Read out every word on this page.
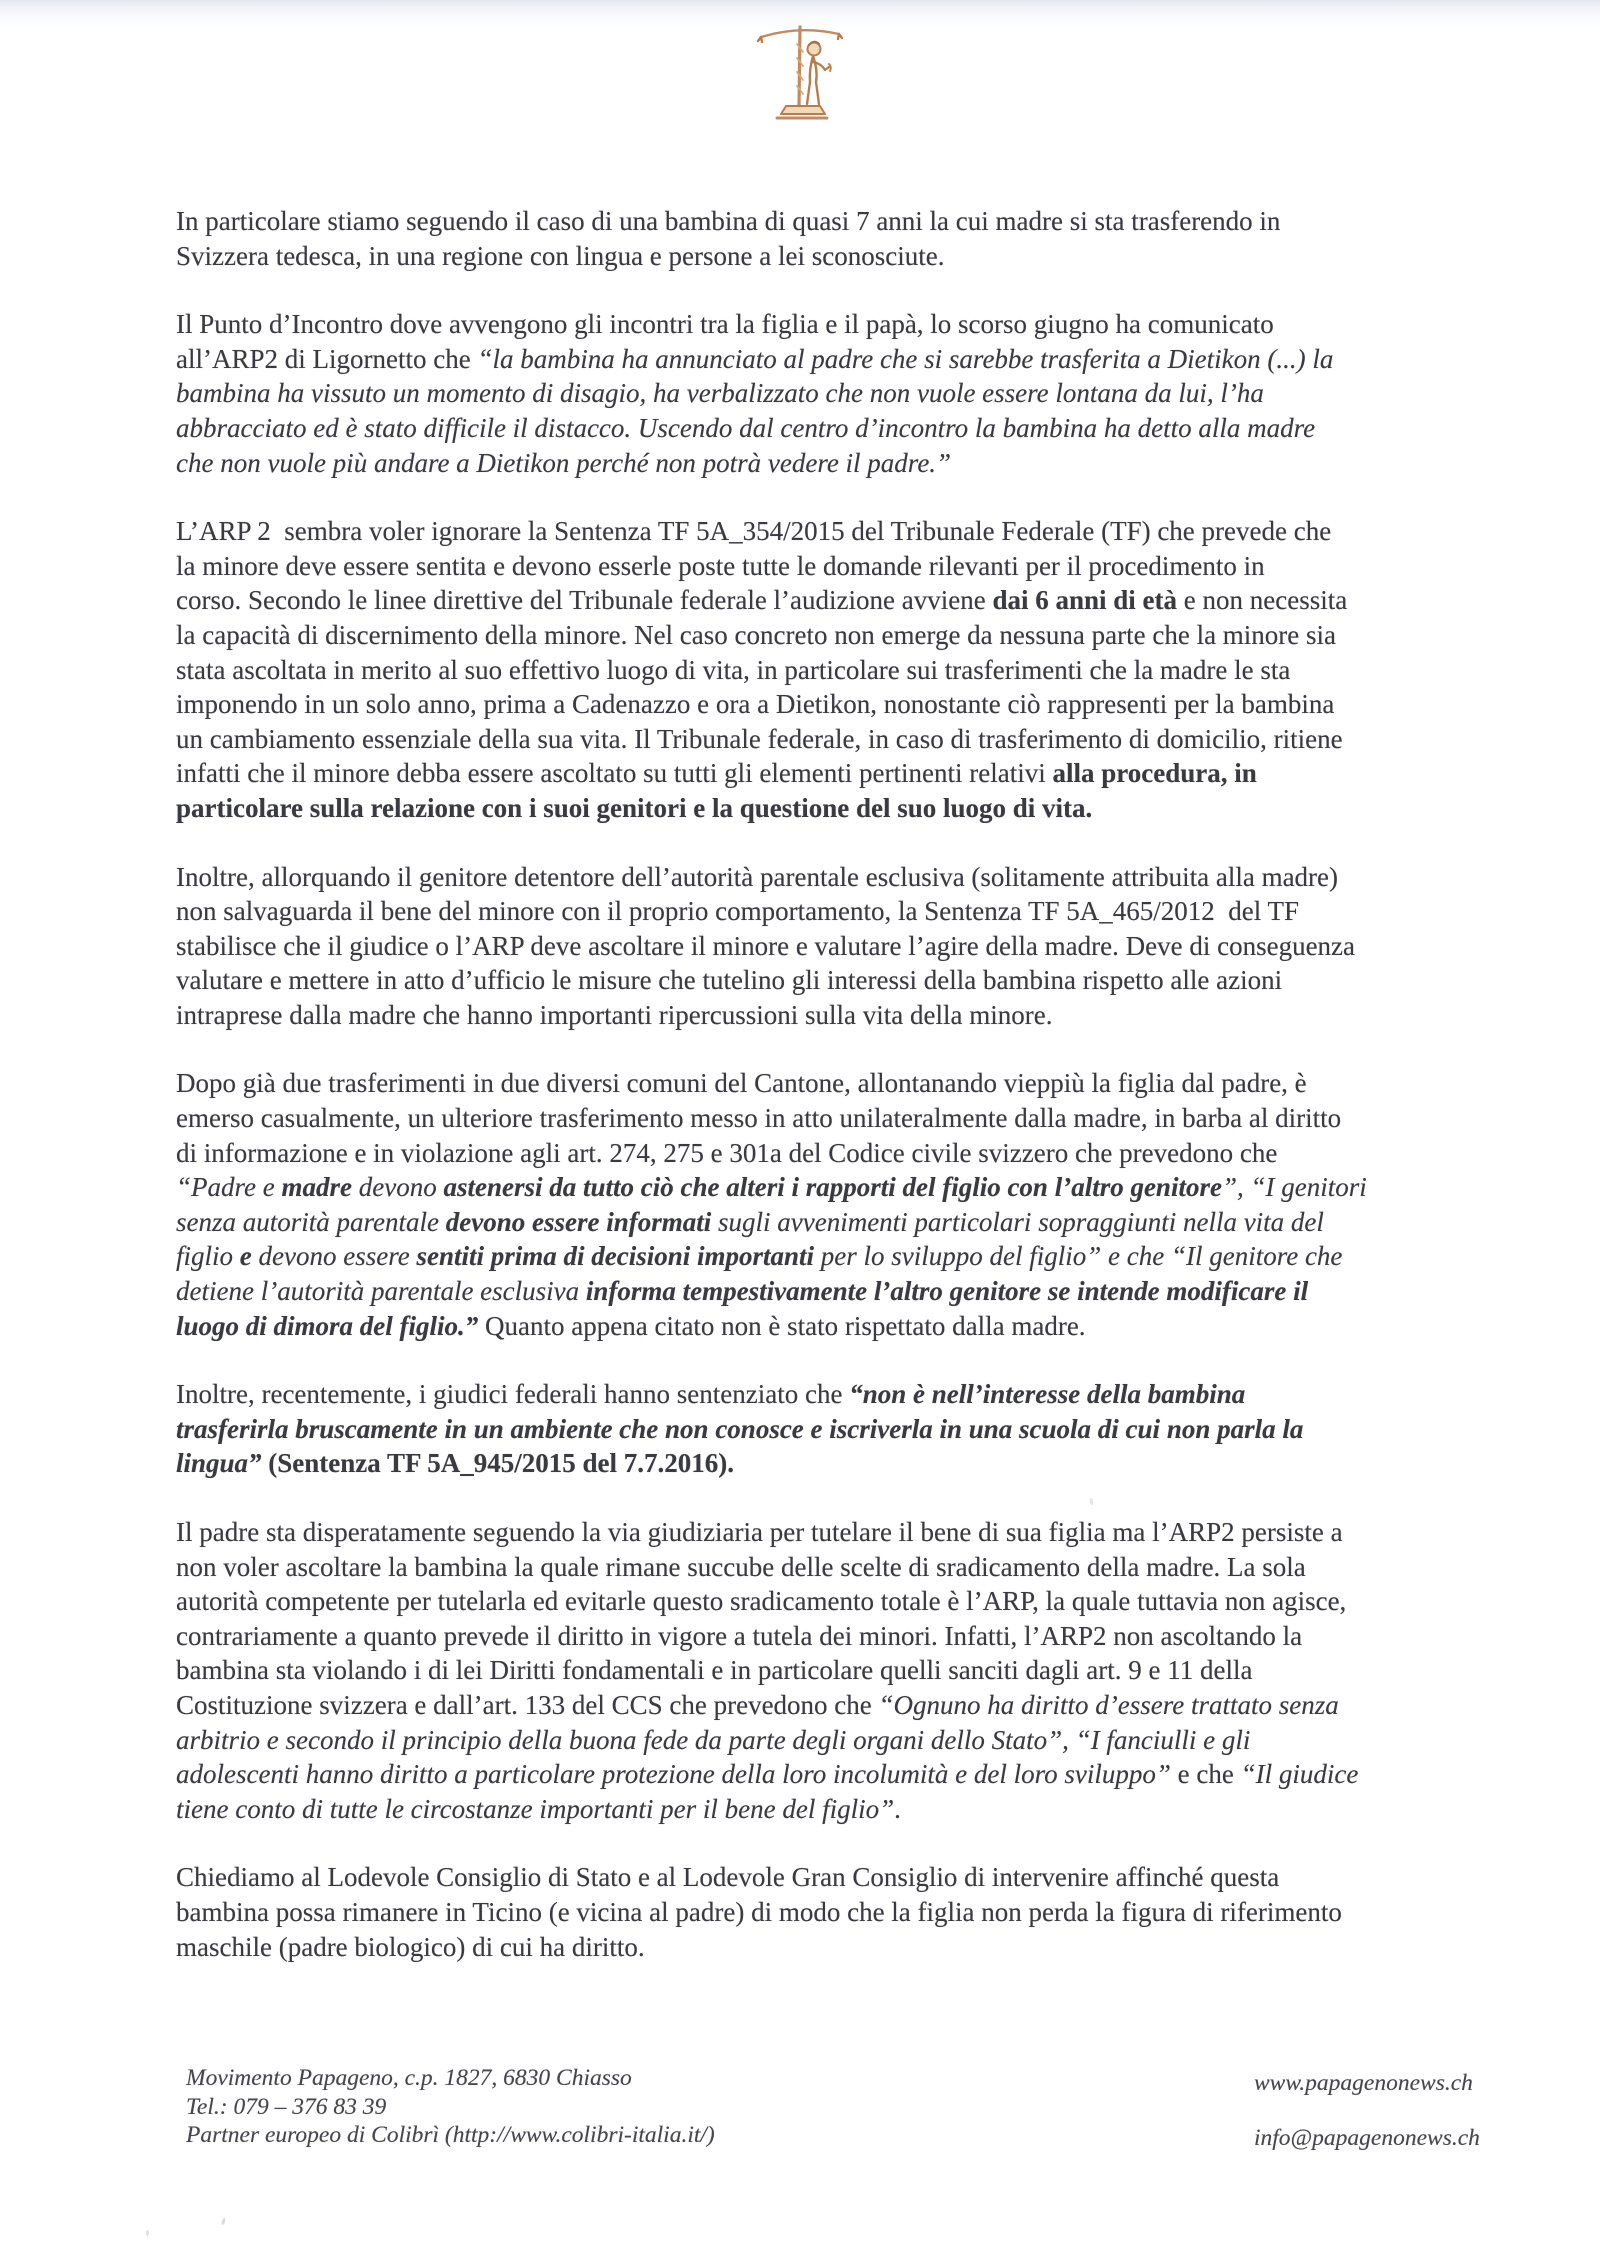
In particolare stiamo seguendo il caso di una bambina di quasi 7 anni la cui madre si sta trasferendo in
Svizzera tedesca, in una regione con lingua e persone a lei sconosciute.

Il Punto d’Incontro dove avvengono gli incontri tra la figlia e il papà, lo scorso giugno ha comunicato
all’ARP2 di Ligornetto che “la bambina ha annunciato al padre che si sarebbe trasferita a Dietikon (...) la
bambina ha vissuto un momento di disagio, ha verbalizzato che non vuole essere lontana da lui, l’ha
abbracciato ed è stato difficile il distacco. Uscendo dal centro d’incontro la bambina ha detto alla madre
che non vuole più andare a Dietikon perché non potrà vedere il padre.”

L’ARP 2  sembra voler ignorare la Sentenza TF 5A_354/2015 del Tribunale Federale (TF) che prevede che
la minore deve essere sentita e devono esserle poste tutte le domande rilevanti per il procedimento in
corso. Secondo le linee direttive del Tribunale federale l’audizione avviene dai 6 anni di età e non necessita
la capacità di discernimento della minore. Nel caso concreto non emerge da nessuna parte che la minore sia
stata ascoltata in merito al suo effettivo luogo di vita, in particolare sui trasferimenti che la madre le sta
imponendo in un solo anno, prima a Cadenazzo e ora a Dietikon, nonostante ciò rappresenti per la bambina
un cambiamento essenziale della sua vita. Il Tribunale federale, in caso di trasferimento di domicilio, ritiene
infatti che il minore debba essere ascoltato su tutti gli elementi pertinenti relativi alla procedura, in
particolare sulla relazione con i suoi genitori e la questione del suo luogo di vita.

Inoltre, allorquando il genitore detentore dell’autorità parentale esclusiva (solitamente attribuita alla madre)
non salvaguarda il bene del minore con il proprio comportamento, la Sentenza TF 5A_465/2012  del TF
stabilisce che il giudice o l’ARP deve ascoltare il minore e valutare l’agire della madre. Deve di conseguenza
valutare e mettere in atto d’ufficio le misure che tutelino gli interessi della bambina rispetto alle azioni
intraprese dalla madre che hanno importanti ripercussioni sulla vita della minore.

Dopo già due trasferimenti in due diversi comuni del Cantone, allontanando vieppiù la figlia dal padre, è
emerso casualmente, un ulteriore trasferimento messo in atto unilateralmente dalla madre, in barba al diritto
di informazione e in violazione agli art. 274, 275 e 301a del Codice civile svizzero che prevedono che
“Padre e madre devono astenersi da tutto ciò che alteri i rapporti del figlio con l’altro genitore”, “I genitori
senza autorità parentale devono essere informati sugli avvenimenti particolari sopraggiunti nella vita del
figlio e devono essere sentiti prima di decisioni importanti per lo sviluppo del figlio” e che “Il genitore che
detiene l’autorità parentale esclusiva informa tempestivamente l’altro genitore se intende modificare il
luogo di dimora del figlio.” Quanto appena citato non è stato rispettato dalla madre.

Inoltre, recentemente, i giudici federali hanno sentenziato che “non è nell’interesse della bambina
trasferirla bruscamente in un ambiente che non conosce e iscriverla in una scuola di cui non parla la
lingua” (Sentenza TF 5A_945/2015 del 7.7.2016).

Il padre sta disperatamente seguendo la via giudiziaria per tutelare il bene di sua figlia ma l’ARP2 persiste a
non voler ascoltare la bambina la quale rimane succube delle scelte di sradicamento della madre. La sola
autorità competente per tutelarla ed evitarle questo sradicamento totale è l’ARP, la quale tuttavia non agisce,
contrariamente a quanto prevede il diritto in vigore a tutela dei minori. Infatti, l’ARP2 non ascoltando la
bambina sta violando i di lei Diritti fondamentali e in particolare quelli sanciti dagli art. 9 e 11 della
Costituzione svizzera e dall’art. 133 del CCS che prevedono che “Ognuno ha diritto d’essere trattato senza
arbitrio e secondo il principio della buona fede da parte degli organi dello Stato”, “I fanciulli e gli
adolescenti hanno diritto a particolare protezione della loro incolumità e del loro sviluppo” e che “Il giudice
tiene conto di tutte le circostanze importanti per il bene del figlio”.

Chiediamo al Lodevole Consiglio di Stato e al Lodevole Gran Consiglio di intervenire affinché questa
bambina possa rimanere in Ticino (e vicina al padre) di modo che la figlia non perda la figura di riferimento
maschile (padre biologico) di cui ha diritto.

Movimento Papageno, c.p. 1827, 6830 Chiasso
Tel.: 079 – 376 83 39
Partner europeo di Colibrì (http://www.colibri-italia.it/)
www.papagenonews.ch
info@papagenonews.ch
